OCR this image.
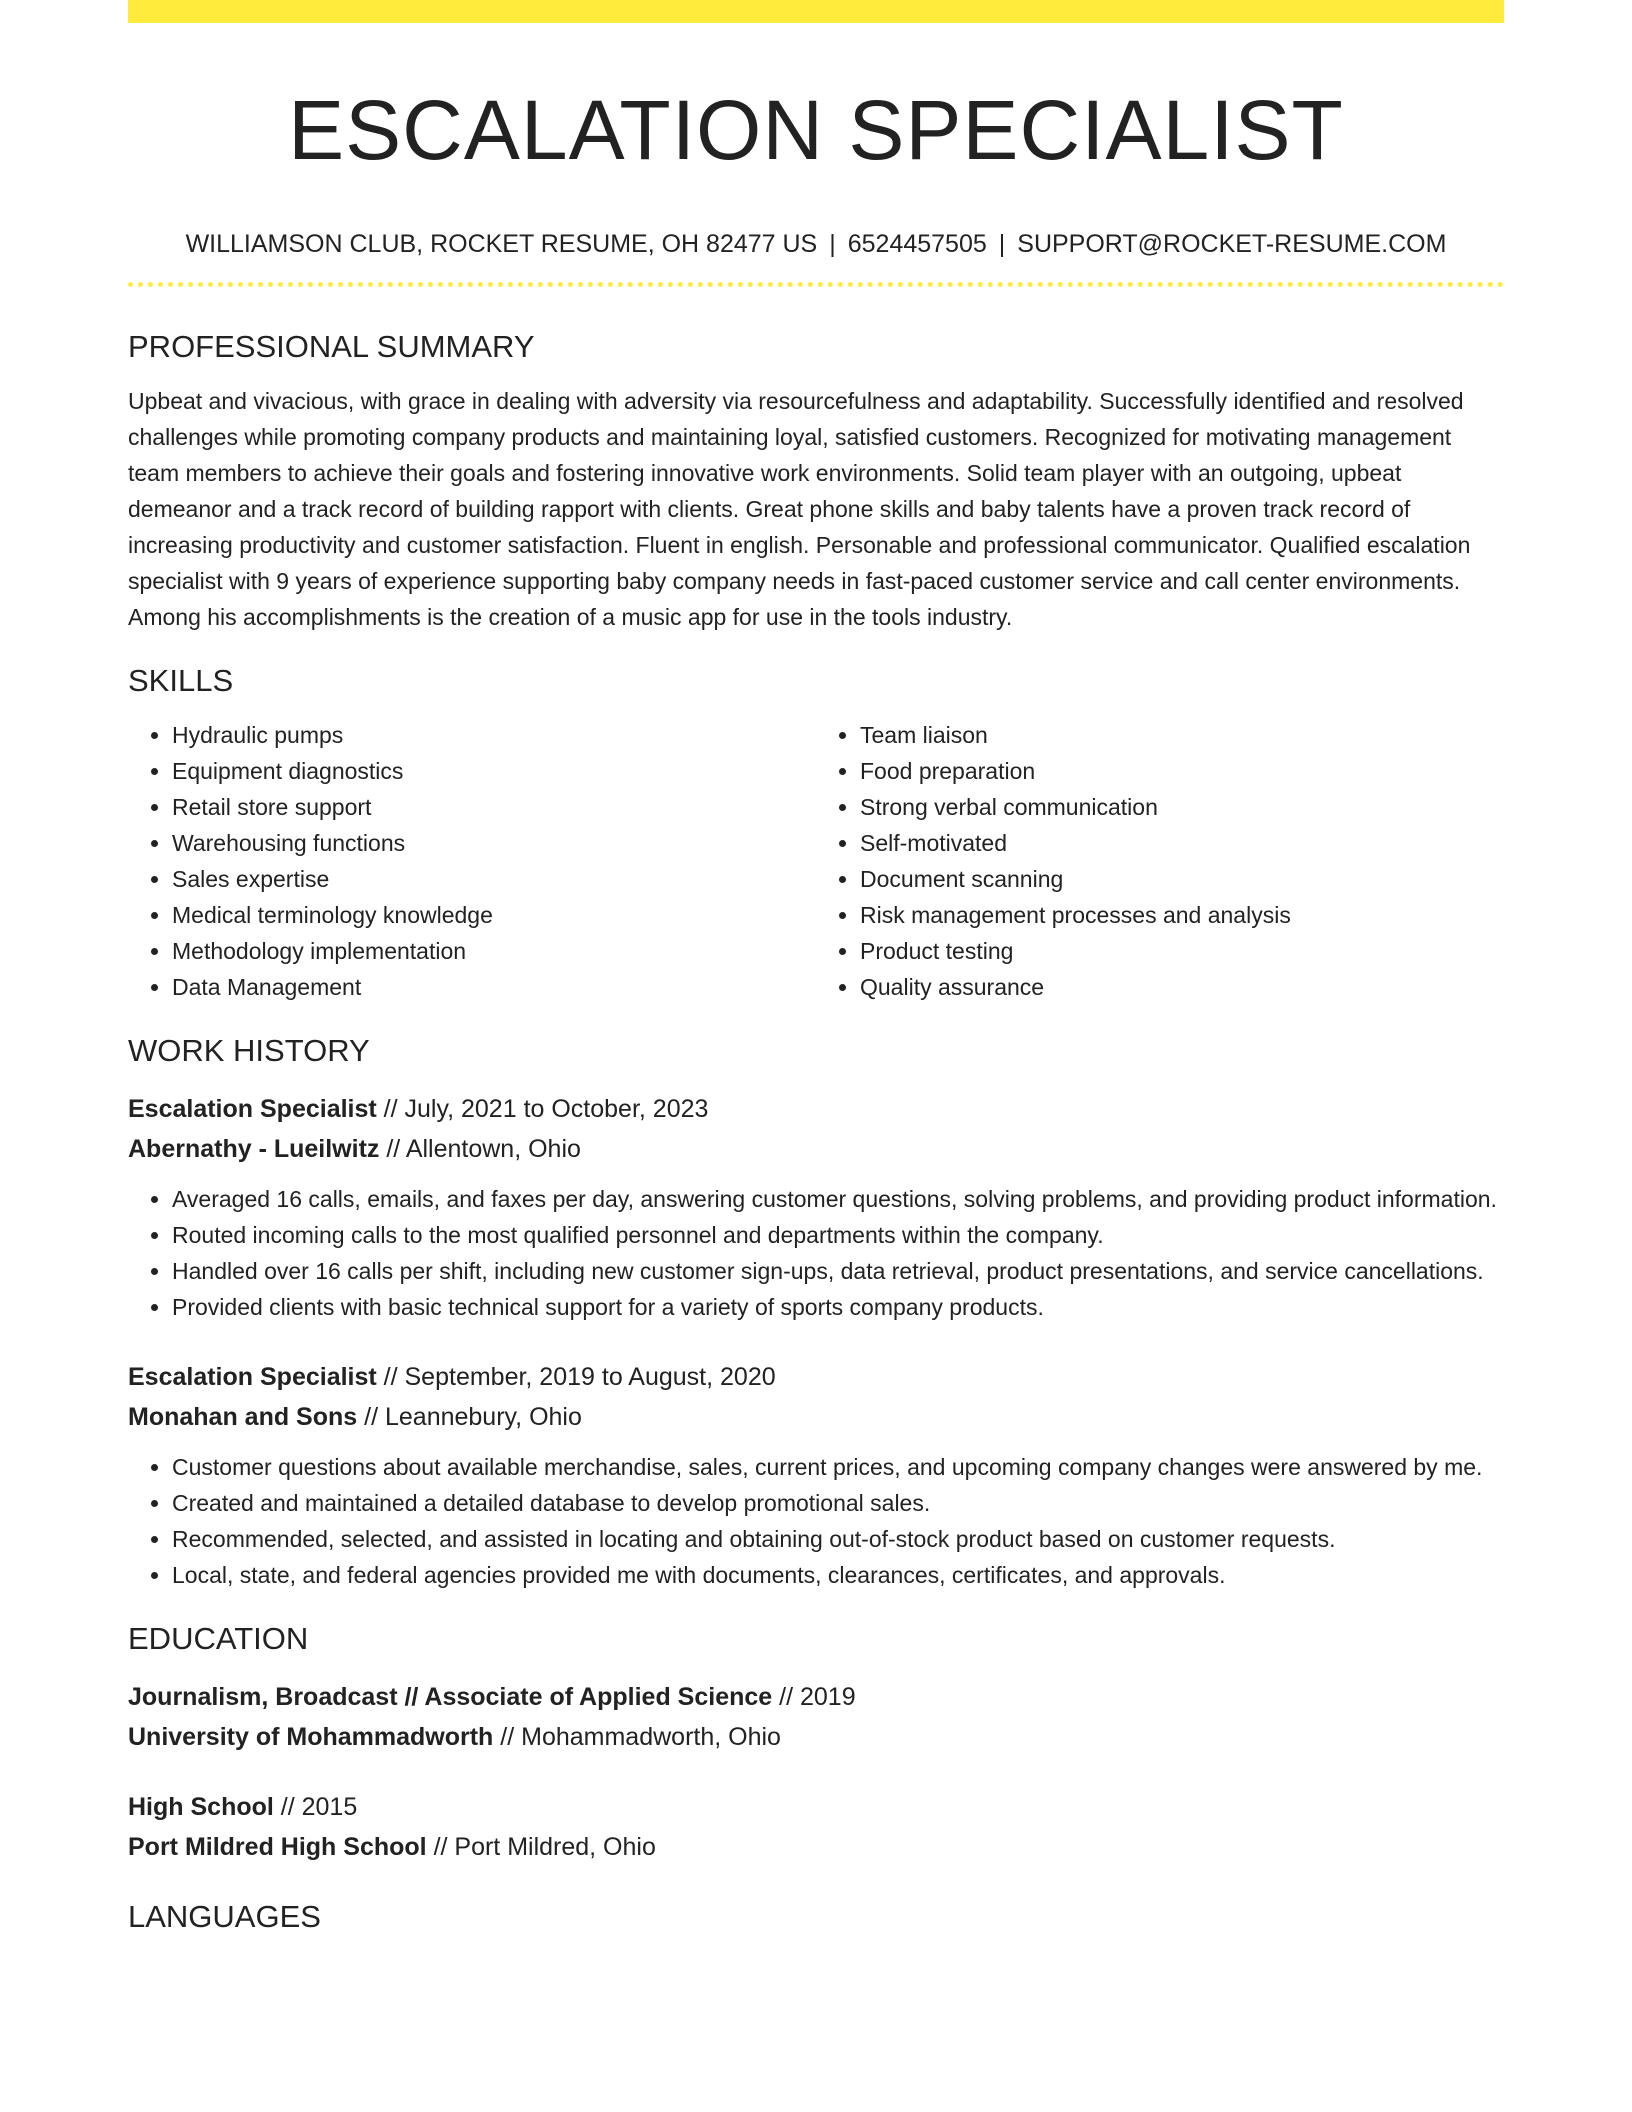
ESCALATION SPECIALIST
WILLIAMSON CLUB, ROCKET RESUME, OH 82477 US | 6524457505 | SUPPORT@ROCKET-RESUME.COM
PROFESSIONAL SUMMARY

Upbeat and vivacious, with grace in dealing with adversity via resourcefulness and adaptability. Successfully identified and resolved challenges while promoting company products and maintaining loyal, satisfied customers. Recognized for motivating management team members to achieve their goals and fostering innovative work environments. Solid team player with an outgoing, upbeat demeanor and a track record of building rapport with clients. Great phone skills and baby talents have a proven track record of increasing productivity and customer satisfaction. Fluent in english. Personable and professional communicator. Qualified escalation specialist with 9 years of experience supporting baby company needs in fast-paced customer service and call center environments. Among his accomplishments is the creation of a music app for use in the tools industry.

SKILLS
• Hydraulic pumps
• Equipment diagnostics
• Retail store support
• Warehousing functions
• Sales expertise
• Medical terminology knowledge
• Methodology implementation
• Data Management
• Team liaison
• Food preparation
• Strong verbal communication
• Self-motivated
• Document scanning
• Risk management processes and analysis
• Product testing
• Quality assurance
WORK HISTORY
Escalation Specialist // July, 2021 to October, 2023
Abernathy - Lueilwitz // Allentown, Ohio
• Averaged 16 calls, emails, and faxes per day, answering customer questions, solving problems, and providing product information.
• Routed incoming calls to the most qualified personnel and departments within the company.
• Handled over 16 calls per shift, including new customer sign-ups, data retrieval, product presentations, and service cancellations.
• Provided clients with basic technical support for a variety of sports company products.
Escalation Specialist // September, 2019 to August, 2020
Monahan and Sons // Leannebury, Ohio
• Customer questions about available merchandise, sales, current prices, and upcoming company changes were answered by me.
• Created and maintained a detailed database to develop promotional sales.
• Recommended, selected, and assisted in locating and obtaining out-of-stock product based on customer requests.
• Local, state, and federal agencies provided me with documents, clearances, certificates, and approvals.
EDUCATION
Journalism, Broadcast // Associate of Applied Science // 2019
University of Mohammadworth // Mohammadworth, Ohio
High School // 2015
Port Mildred High School // Port Mildred, Ohio
LANGUAGES
